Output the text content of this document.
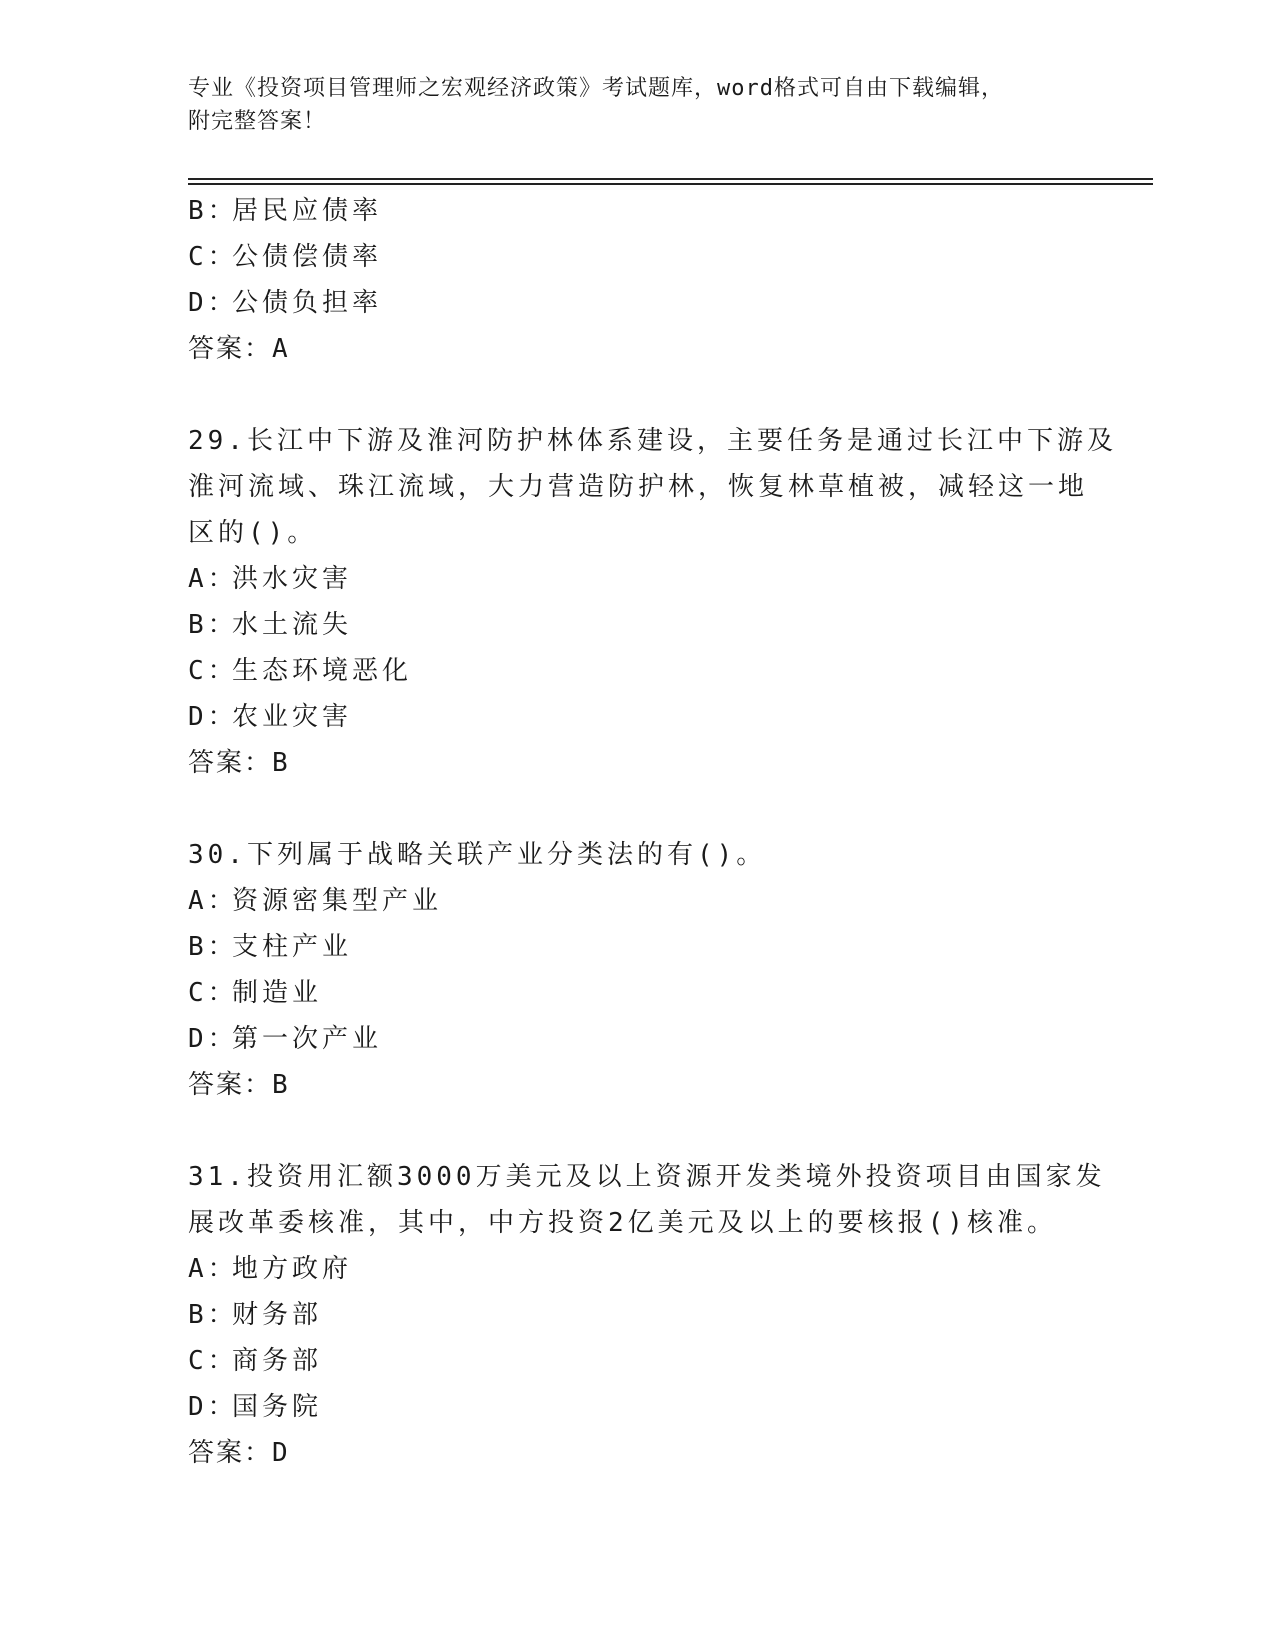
专业《投资项目管理师之宏观经济政策》考试题库，word格式可自由下载编辑，
附完整答案！
B：居民应债率
C：公债偿债率
D：公债负担率
答案：A
29.长江中下游及淮河防护林体系建设，主要任务是通过长江中下游及
淮河流域、珠江流域，大力营造防护林，恢复林草植被，减轻这一地
区的()。
A：洪水灾害
B：水土流失
C：生态环境恶化
D：农业灾害
答案：B
30.下列属于战略关联产业分类法的有()。
A：资源密集型产业
B：支柱产业
C：制造业
D：第一次产业
答案：B
31.投资用汇额3000万美元及以上资源开发类境外投资项目由国家发
展改革委核准，其中，中方投资2亿美元及以上的要核报()核准。
A：地方政府
B：财务部
C：商务部
D：国务院
答案：D
